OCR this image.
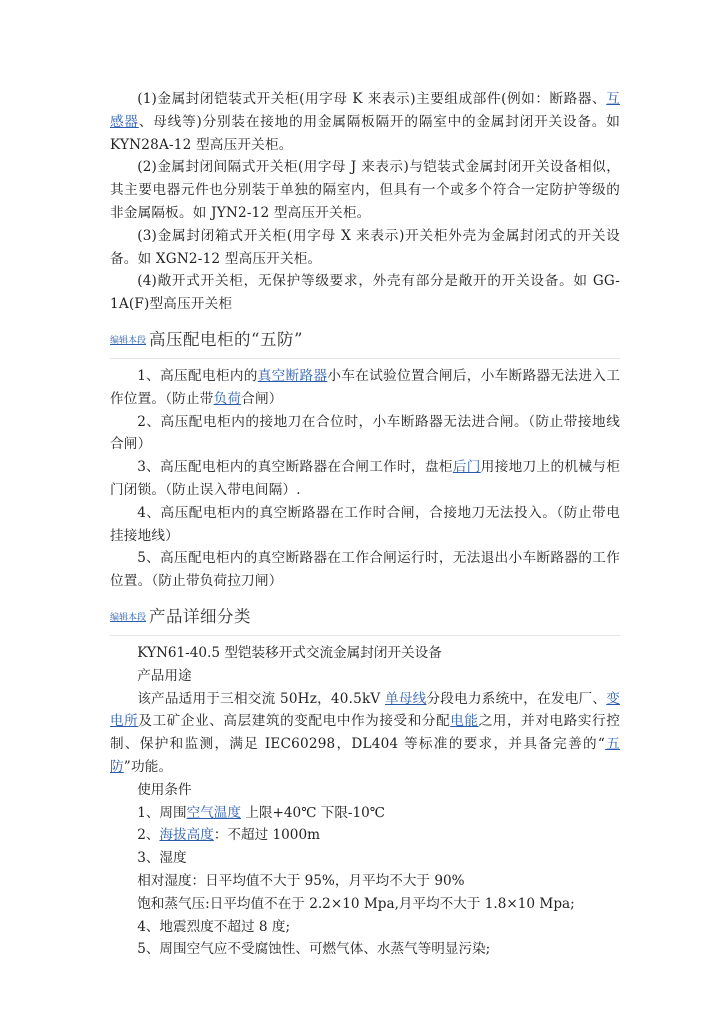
(1)金属封闭铠装式开关柜(用字母 K 来表示)主要组成部件(例如：断路器、互感器、母线等)分别装在接地的用金属隔板隔开的隔室中的金属封闭开关设备。如 KYN28A-12 型高压开关柜。

(2)金属封闭间隔式开关柜(用字母 J 来表示)与铠装式金属封闭开关设备相似，其主要电器元件也分别装于单独的隔室内，但具有一个或多个符合一定防护等级的非金属隔板。如 JYN2-12 型高压开关柜。

(3)金属封闭箱式开关柜(用字母 X 来表示)开关柜外壳为金属封闭式的开关设备。如 XGN2-12 型高压开关柜。

(4)敞开式开关柜，无保护等级要求，外壳有部分是敞开的开关设备。如 GG-1A(F)型高压开关柜

编辑本段 高压配电柜的“五防”

1、高压配电柜内的真空断路器小车在试验位置合闸后，小车断路器无法进入工作位置。（防止带负荷合闸）

2、高压配电柜内的接地刀在合位时，小车断路器无法进合闸。（防止带接地线合闸）

3、高压配电柜内的真空断路器在合闸工作时，盘柜后门用接地刀上的机械与柜门闭锁。（防止误入带电间隔）.

4、高压配电柜内的真空断路器在工作时合闸，合接地刀无法投入。（防止带电挂接地线）

5、高压配电柜内的真空断路器在工作合闸运行时，无法退出小车断路器的工作位置。（防止带负荷拉刀闸）

编辑本段 产品详细分类

KYN61-40.5 型铠装移开式交流金属封闭开关设备

产品用途

该产品适用于三相交流 50Hz，40.5kV 单母线分段电力系统中，在发电厂、变电所及工矿企业、高层建筑的变配电中作为接受和分配电能之用，并对电路实行控制、保护和监测，满足 IEC60298，DL404 等标准的要求，并具备完善的“五防”功能。

使用条件

1、周围空气温度 上限+40℃ 下限-10℃

2、海拔高度：不超过 1000m

3、湿度

相对湿度：日平均值不大于 95%，月平均不大于 90%

饱和蒸气压:日平均值不在于 2.2×10 Mpa,月平均不大于 1.8×10 Mpa;

4、地震烈度不超过 8 度;

5、周围空气应不受腐蚀性、可燃气体、水蒸气等明显污染;
